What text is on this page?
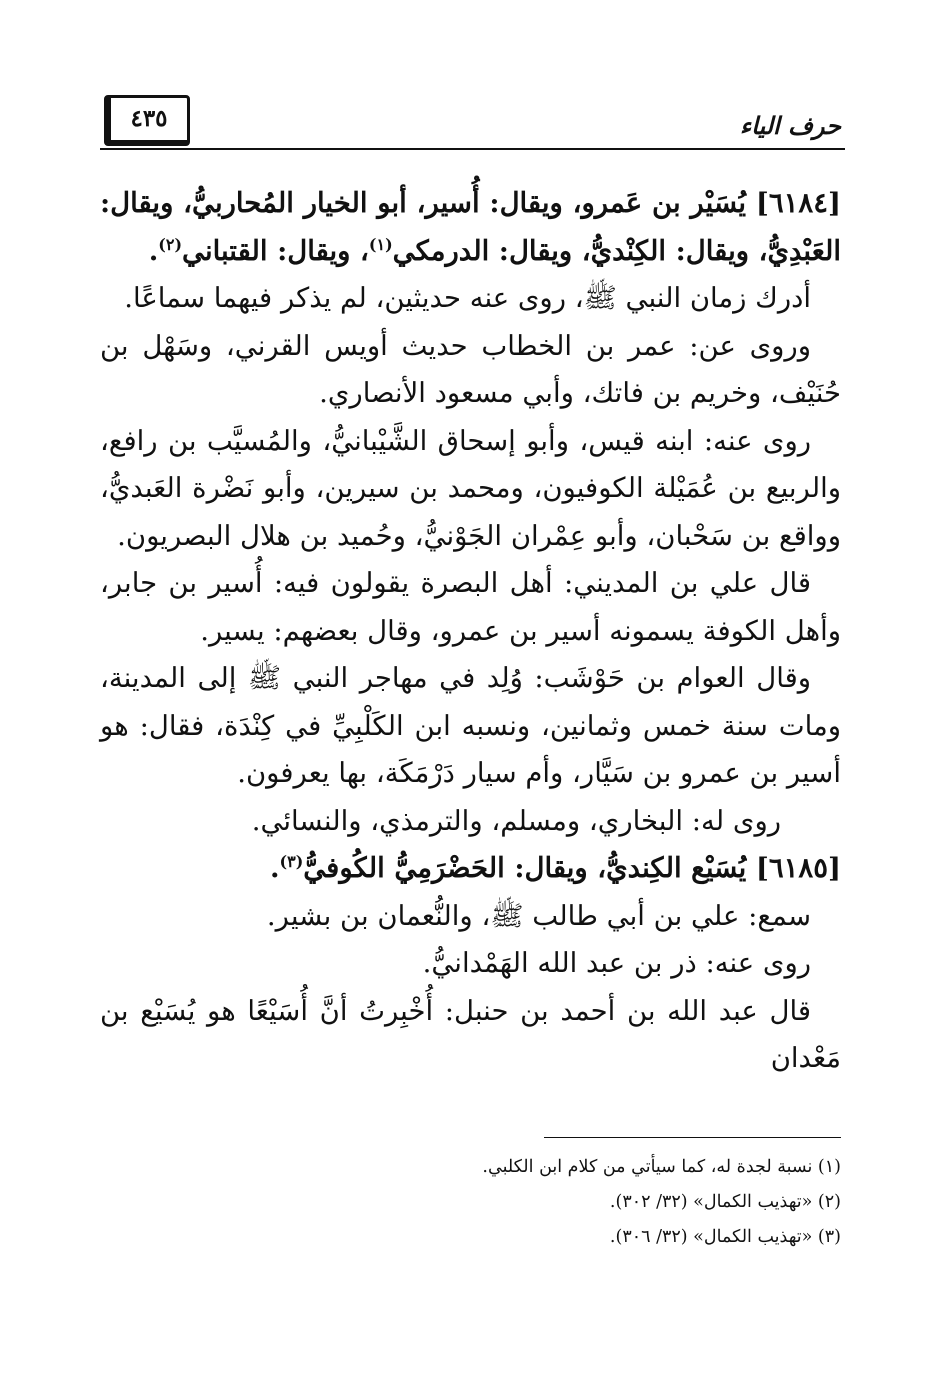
حرف الياء
٤٣٥

[٦١٨٤] يُسَيْر بن عَمرو، ويقال: أُسير، أبو الخيار المُحاربيُّ، ويقال: العَبْدِيُّ، ويقال: الكِنْديُّ، ويقال: الدرمكي$^{(١)}$، ويقال: القتباني$^{(٢)}$.

أدرك زمان النبي ﷺ، روى عنه حديثين، لم يذكر فيهما سماعًا.

وروى عن: عمر بن الخطاب حديث أويس القرني، وسَهْل بن حُنَيْف، وخريم بن فاتك، وأبي مسعود الأنصاري.

روى عنه: ابنه قيس، وأبو إسحاق الشَّيْبانيُّ، والمُسيَّب بن رافع، والربيع بن عُمَيْلة الكوفيون، ومحمد بن سيرين، وأبو نَضْرة العَبديُّ، وواقع بن سَحْبان، وأبو عِمْران الجَوْنيُّ، وحُميد بن هلال البصريون.

قال علي بن المديني: أهل البصرة يقولون فيه: أُسير بن جابر، وأهل الكوفة يسمونه أسير بن عمرو، وقال بعضهم: يسير.

وقال العوام بن حَوْشَب: وُلِد في مهاجر النبي ﷺ إلى المدينة، ومات سنة خمس وثمانين، ونسبه ابن الكَلْبِيِّ في كِنْدَة، فقال: هو أسير بن عمرو بن سَيَّار، وأم سيار دَرْمَكَة، بها يعرفون.

روى له: البخاري، ومسلم، والترمذي، والنسائي.

[٦١٨٥] يُسَيْع الكِنديُّ، ويقال: الحَضْرَمِيُّ الكُوفيُّ$^{(٣)}$.

سمع: علي بن أبي طالب ﷺ، والنُّعمان بن بشير.

روى عنه: ذر بن عبد الله الهَمْدانيُّ.

قال عبد الله بن أحمد بن حنبل: أُخْبِرتُ أنَّ أُسَيْعًا هو يُسَيْع بن مَعْدان

(١) نسبة لجدة له، كما سيأتي من كلام ابن الكلبي.

(٢) «تهذيب الكمال» (٣٢/ ٣٠٢).

(٣) «تهذيب الكمال» (٣٢/ ٣٠٦).
